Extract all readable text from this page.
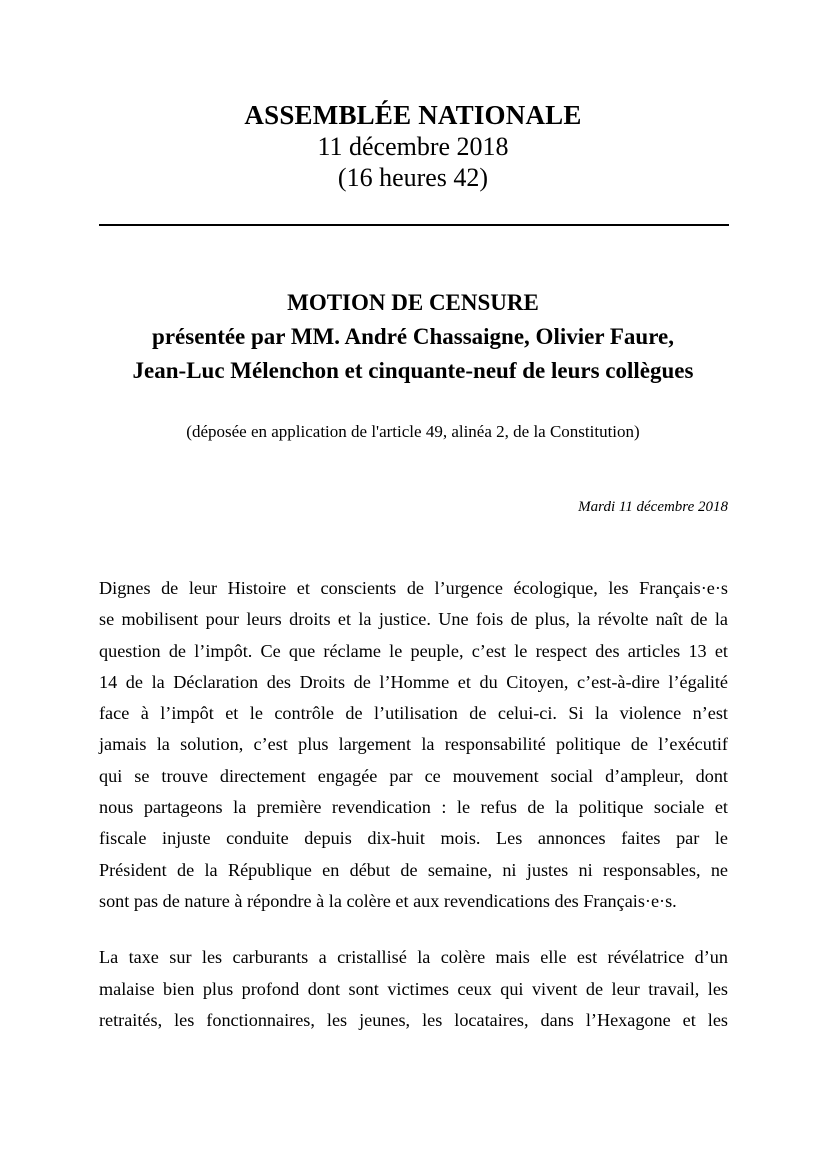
ASSEMBLÉE NATIONALE
11 décembre 2018
(16 heures 42)
MOTION DE CENSURE
présentée par MM. André Chassaigne, Olivier Faure,
Jean-Luc Mélenchon et cinquante-neuf de leurs collègues
(déposée en application de l'article 49, alinéa 2, de la Constitution)
Mardi 11 décembre 2018
Dignes de leur Histoire et conscients de l’urgence écologique, les Français·e·s
se mobilisent pour leurs droits et la justice. Une fois de plus, la révolte naît de la
question de l’impôt. Ce que réclame le peuple, c’est le respect des articles 13 et
14 de la Déclaration des Droits de l’Homme et du Citoyen, c’est-à-dire l’égalité
face à l’impôt et le contrôle de l’utilisation de celui-ci. Si la violence n’est
jamais la solution, c’est plus largement la responsabilité politique de l’exécutif
qui se trouve directement engagée par ce mouvement social d’ampleur, dont
nous partageons la première revendication : le refus de la politique sociale et
fiscale injuste conduite depuis dix-huit mois. Les annonces faites par le
Président de la République en début de semaine, ni justes ni responsables, ne
sont pas de nature à répondre à la colère et aux revendications des Français·e·s.
La taxe sur les carburants a cristallisé la colère mais elle est révélatrice d’un
malaise bien plus profond dont sont victimes ceux qui vivent de leur travail, les
retraités, les fonctionnaires, les jeunes, les locataires, dans l’Hexagone et les
